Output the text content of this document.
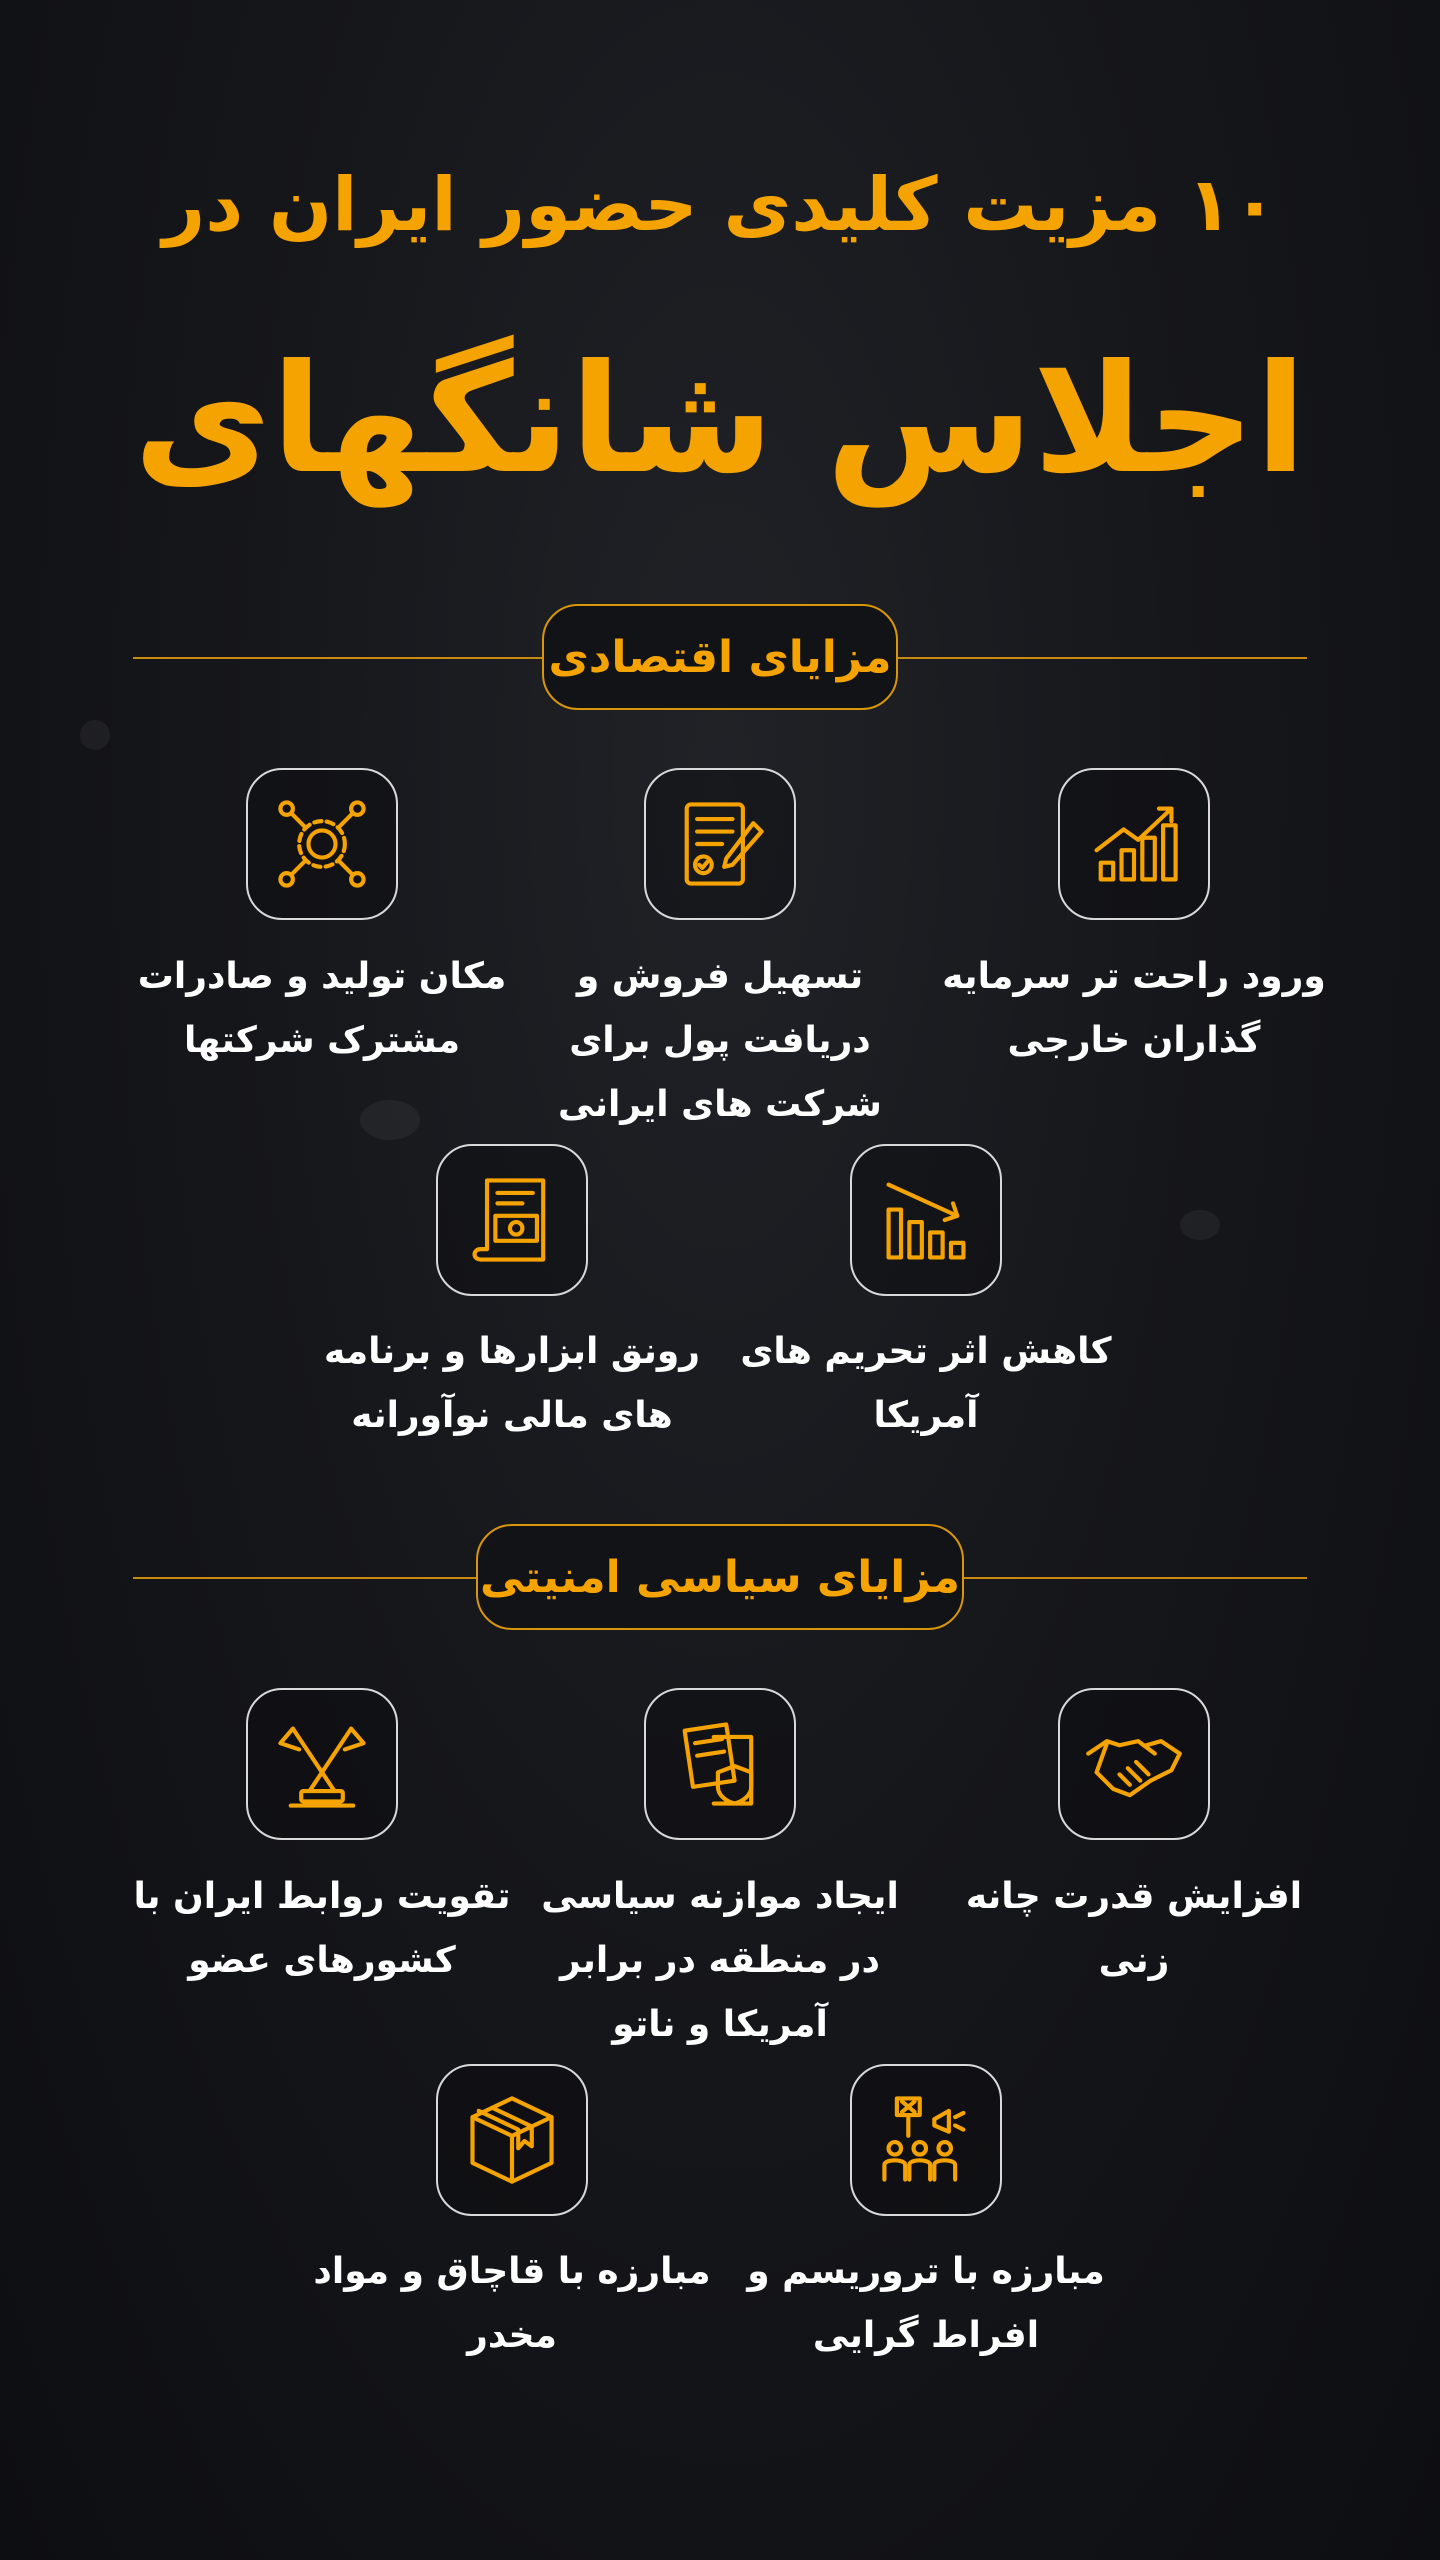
۱۰ مزیت کلیدی حضور ایران در
اجلاس شانگهای
مزایای اقتصادی
ورود راحت تر سرمایه گذاران خارجی
تسهیل فروش و دریافت پول برای شرکت های ایرانی
مکان تولید و صادرات مشترک شرکتها
کاهش اثر تحریم های آمریکا
رونق ابزارها و برنامه های مالی نوآورانه
مزایای سیاسی امنیتی
افزایش قدرت چانه زنی
ایجاد موازنه سیاسی در منطقه در برابر آمریکا و ناتو
تقویت روابط ایران با کشورهای عضو
مبارزه با تروریسم و افراط گرایی
مبارزه با قاچاق و مواد مخدر
